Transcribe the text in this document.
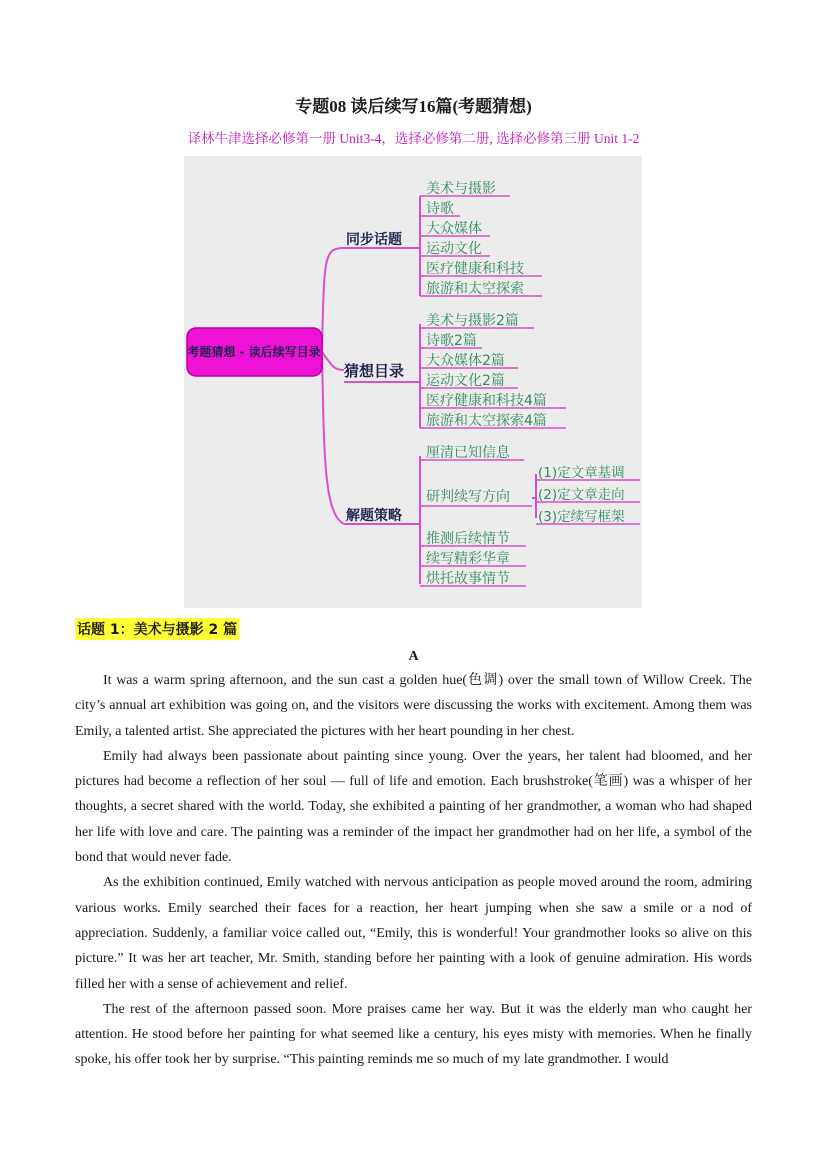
专题08 读后续写16篇(考题猜想)
译林牛津选择必修第一册 Unit3-4，选择必修第二册, 选择必修第三册 Unit 1-2
考题猜想 - 读后续写目录
同步话题
猜想目录
解题策略
美术与摄影
诗歌
大众媒体
运动文化
医疗健康和科技
旅游和太空探索
美术与摄影2篇
诗歌2篇
大众媒体2篇
运动文化2篇
医疗健康和科技4篇
旅游和太空探索4篇
厘清已知信息
研判续写方向
推测后续情节
续写精彩华章
烘托故事情节
(1)定文章基调
(2)定文章走向
(3)定续写框架
话题 1：美术与摄影 2 篇
A

It was a warm spring afternoon, and the sun cast a golden hue(色调) over the small town of Willow Creek. The city’s annual art exhibition was going on, and the visitors were discussing the works with excitement. Among them was Emily, a talented artist. She appreciated the pictures with her heart pounding in her chest.

Emily had always been passionate about painting since young. Over the years, her talent had bloomed, and her pictures had become a reflection of her soul — full of life and emotion. Each brushstroke(笔画) was a whisper of her thoughts, a secret shared with the world. Today, she exhibited a painting of her grandmother, a woman who had shaped her life with love and care. The painting was a reminder of the impact her grandmother had on her life, a symbol of the bond that would never fade.

As the exhibition continued, Emily watched with nervous anticipation as people moved around the room, admiring various works. Emily searched their faces for a reaction, her heart jumping when she saw a smile or a nod of appreciation. Suddenly, a familiar voice called out, “Emily, this is wonderful! Your grandmother looks so alive on this picture.” It was her art teacher, Mr. Smith, standing before her painting with a look of genuine admiration. His words filled her with a sense of achievement and relief.

The rest of the afternoon passed soon. More praises came her way. But it was the elderly man who caught her attention. He stood before her painting for what seemed like a century, his eyes misty with memories. When he finally spoke, his offer took her by surprise. “This painting reminds me so much of my late grandmother. I would
